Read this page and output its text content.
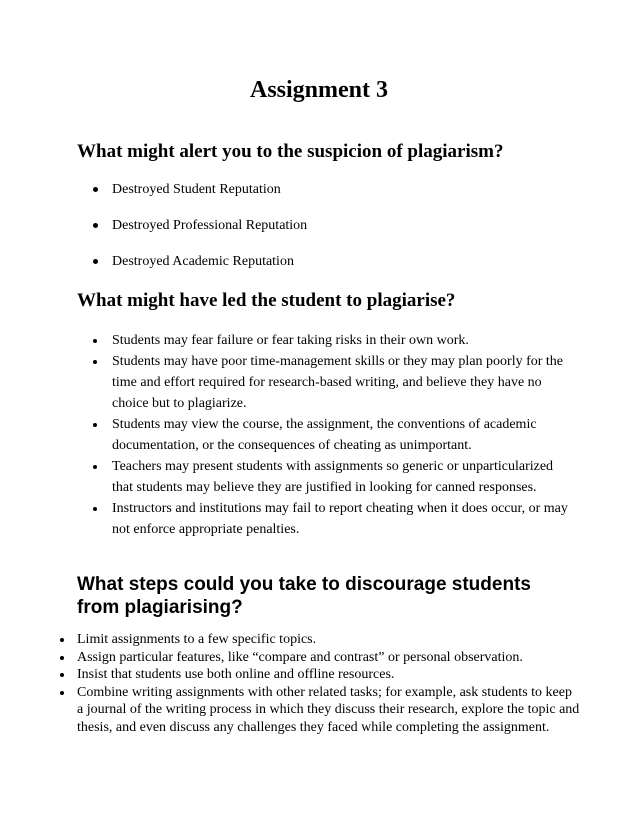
Assignment 3
What might alert you to the suspicion of plagiarism?
Destroyed Student Reputation
Destroyed Professional Reputation
Destroyed Academic Reputation
What might have led the student to plagiarise?
Students may fear failure or fear taking risks in their own work.
Students may have poor time-management skills or they may plan poorly for the time and effort required for research-based writing, and believe they have no choice but to plagiarize.
Students may view the course, the assignment, the conventions of academic documentation, or the consequences of cheating as unimportant.
Teachers may present students with assignments so generic or unparticularized that students may believe they are justified in looking for canned responses.
Instructors and institutions may fail to report cheating when it does occur, or may not enforce appropriate penalties.
What steps could you take to discourage students from plagiarising?
Limit assignments to a few specific topics.
Assign particular features, like “compare and contrast” or personal observation.
Insist that students use both online and offline resources.
Combine writing assignments with other related tasks; for example, ask students to keep a journal of the writing process in which they discuss their research, explore the topic and thesis, and even discuss any challenges they faced while completing the assignment.
